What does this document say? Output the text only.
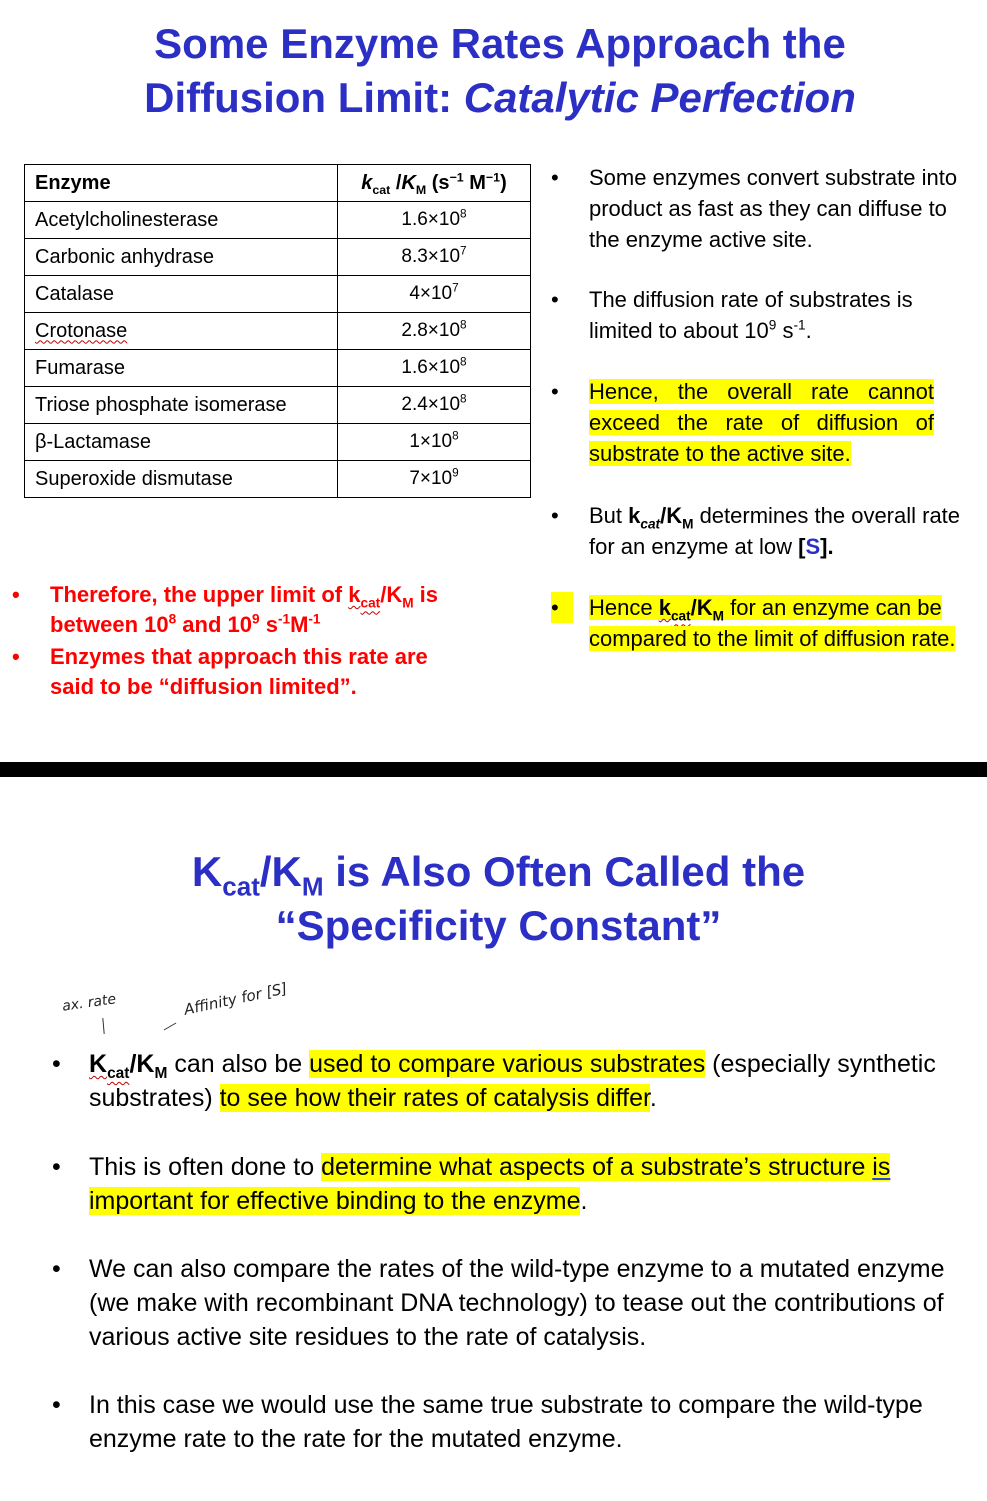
Some Enzyme Rates Approach the
Diffusion Limit: Catalytic Perfection
Enzyme	$k_{cat}$ $/K_M$ ($s^{-1}$ $M^{-1}$)
Acetylcholinesterase	$1.6\times 10^8$
Carbonic anhydrase	$8.3\times 10^7$
Catalase	$4\times 10^7$
Crotonase	$2.8\times 10^8$
Fumarase	$1.6\times 10^8$
Triose phosphate isomerase	$2.4\times 10^8$
β-Lactamase	$1\times 10^8$
Superoxide dismutase	$7\times 10^9$
• Some enzymes convert substrate into product as fast as they can diffuse to the enzyme active site.
• The diffusion rate of substrates is limited to about $10^9$ $s^{-1}$.
• Hence, the overall rate cannot exceed the rate of diffusion of substrate to the active site.
• But $k_{cat}/K_M$ determines the overall rate for an enzyme at low [S].
•	Hence $k_{cat}/K_M$ for an enzyme can be compared to the limit of diffusion rate.
• Therefore, the upper limit of $k_{cat}/K_M$ is
between $10^8$ and $10^9$ $s^{-1}M^{-1}$
• Enzymes that approach this rate are
said to be “diffusion limited”.
$K_{cat}/K_M$ is Also Often Called the
“Specificity Constant”
ax. rate	Affinity for [S]
• $K_{cat}/K_M$ can also be used to compare various substrates (especially synthetic substrates) to see how their rates of catalysis differ.
• This is often done to determine what aspects of a substrate’s structure is important for effective binding to the enzyme.
• We can also compare the rates of the wild-type enzyme to a mutated enzyme (we make with recombinant DNA technology) to tease out the contributions of various active site residues to the rate of catalysis.
• In this case we would use the same true substrate to compare the wild-type enzyme rate to the rate for the mutated enzyme.
